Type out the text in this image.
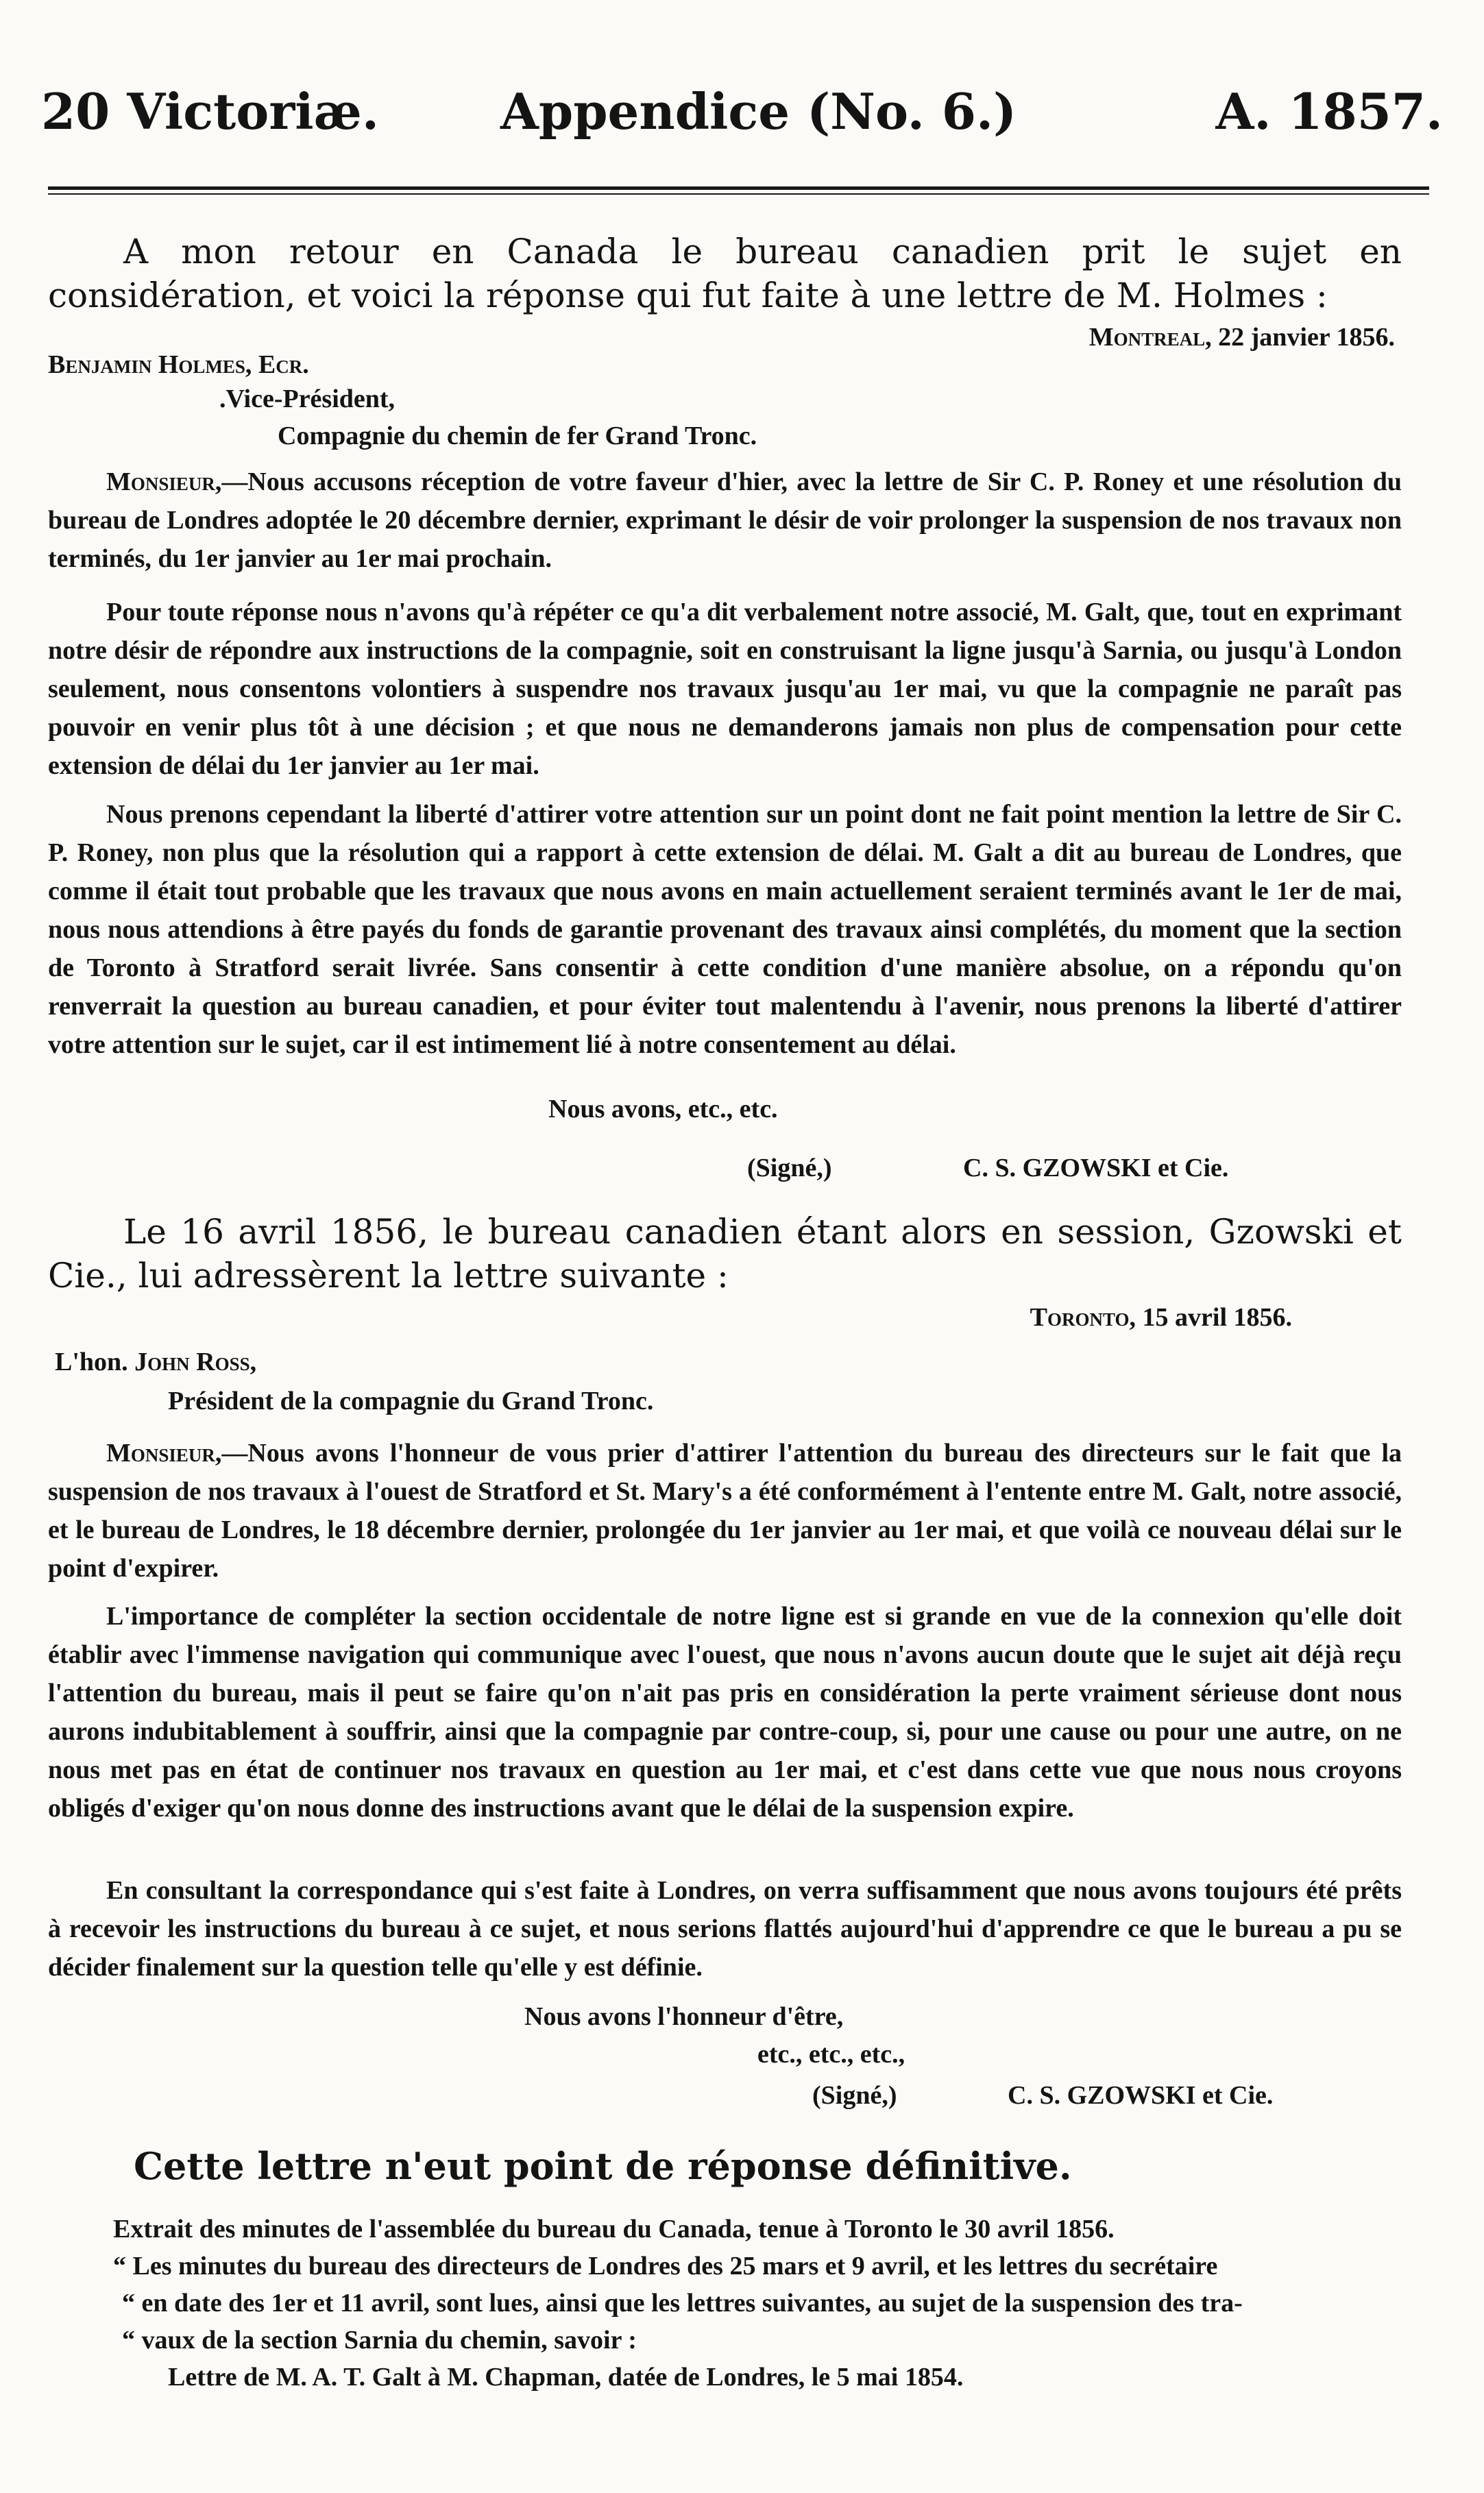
20 Victoriæ. Appendice (No. 6.)	A. 1857.

A mon retour en Canada le bureau canadien prit le sujet en considération, et voici la réponse qui fut faite à une lettre de M. Holmes :

Montreal, 22 janvier 1856.
Benjamin Holmes, Ecr.
.Vice-Président,
Compagnie du chemin de fer Grand Tronc.

Monsieur,—Nous accusons réception de votre faveur d'hier, avec la lettre de Sir C. P. Roney et une résolution du bureau de Londres adoptée le 20 décembre dernier, exprimant le désir de voir prolonger la suspension de nos travaux non terminés, du 1er janvier au 1er mai prochain.

Pour toute réponse nous n'avons qu'à répéter ce qu'a dit verbalement notre associé, M. Galt, que, tout en exprimant notre désir de répondre aux instructions de la compagnie, soit en construisant la ligne jusqu'à Sarnia, ou jusqu'à London seulement, nous consentons volontiers à suspendre nos travaux jusqu'au 1er mai, vu que la compagnie ne paraît pas pouvoir en venir plus tôt à une décision ; et que nous ne demanderons jamais non plus de compensation pour cette extension de délai du 1er janvier au 1er mai.

Nous prenons cependant la liberté d'attirer votre attention sur un point dont ne fait point mention la lettre de Sir C. P. Roney, non plus que la résolution qui a rapport à cette extension de délai. M. Galt a dit au bureau de Londres, que comme il était tout probable que les travaux que nous avons en main actuellement seraient terminés avant le 1er de mai, nous nous attendions à être payés du fonds de garantie provenant des travaux ainsi complétés, du moment que la section de Toronto à Stratford serait livrée. Sans consentir à cette condition d'une manière absolue, on a répondu qu'on renverrait la question au bureau canadien, et pour éviter tout malentendu à l'avenir, nous prenons la liberté d'attirer votre attention sur le sujet, car il est intimement lié à notre consentement au délai.

Nous avons, etc., etc.
(Signé,)	C. S. GZOWSKI et Cie.

Le 16 avril 1856, le bureau canadien étant alors en session, Gzowski et Cie., lui adressèrent la lettre suivante :

Toronto, 15 avril 1856.
L'hon. John Ross,
Président de la compagnie du Grand Tronc.

Monsieur,—Nous avons l'honneur de vous prier d'attirer l'attention du bureau des directeurs sur le fait que la suspension de nos travaux à l'ouest de Stratford et St. Mary's a été conformément à l'entente entre M. Galt, notre associé, et le bureau de Londres, le 18 décembre dernier, prolongée du 1er janvier au 1er mai, et que voilà ce nouveau délai sur le point d'expirer.

L'importance de compléter la section occidentale de notre ligne est si grande en vue de la connexion qu'elle doit établir avec l'immense navigation qui communique avec l'ouest, que nous n'avons aucun doute que le sujet ait déjà reçu l'attention du bureau, mais il peut se faire qu'on n'ait pas pris en considération la perte vraiment sérieuse dont nous aurons indubitablement à souffrir, ainsi que la compagnie par contre-coup, si, pour une cause ou pour une autre, on ne nous met pas en état de continuer nos travaux en question au 1er mai, et c'est dans cette vue que nous nous croyons obligés d'exiger qu'on nous donne des instructions avant que le délai de la suspension expire.

En consultant la correspondance qui s'est faite à Londres, on verra suffisamment que nous avons toujours été prêts à recevoir les instructions du bureau à ce sujet, et nous serions flattés aujourd'hui d'apprendre ce que le bureau a pu se décider finalement sur la question telle qu'elle y est définie.

Nous avons l'honneur d'être,
etc., etc., etc.,
(Signé,)	C. S. GZOWSKI et Cie.
Cette lettre n'eut point de réponse définitive.
Extrait des minutes de l'assemblée du bureau du Canada, tenue à Toronto le 30 avril 1856.
“ Les minutes du bureau des directeurs de Londres des 25 mars et 9 avril, et les lettres du secrétaire
“ en date des 1er et 11 avril, sont lues, ainsi que les lettres suivantes, au sujet de la suspension des tra-
“ vaux de la section Sarnia du chemin, savoir :
Lettre de M. A. T. Galt à M. Chapman, datée de Londres, le 5 mai 1854.
